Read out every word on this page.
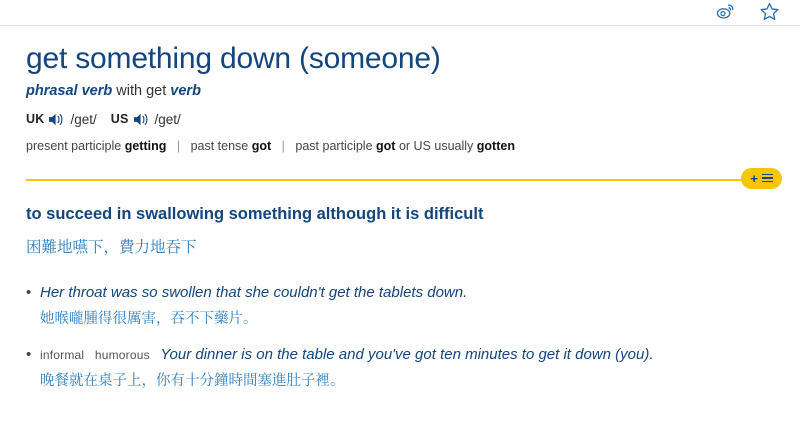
get something down (someone)
phrasal verb with get verb
UK /ɡet/ US /ɡet/
present participle getting | past tense got | past participle got or US usually gotten
+
to succeed in swallowing something although it is difficult
困難地嚥下，費力地吞下
• Her throat was so swollen that she couldn't get the tablets down.
她喉嚨腫得很厲害，吞不下藥片。
• informal humorous Your dinner is on the table and you've got ten minutes to get it down (you).
晚餐就在桌子上，你有十分鐘時間塞進肚子裡。
